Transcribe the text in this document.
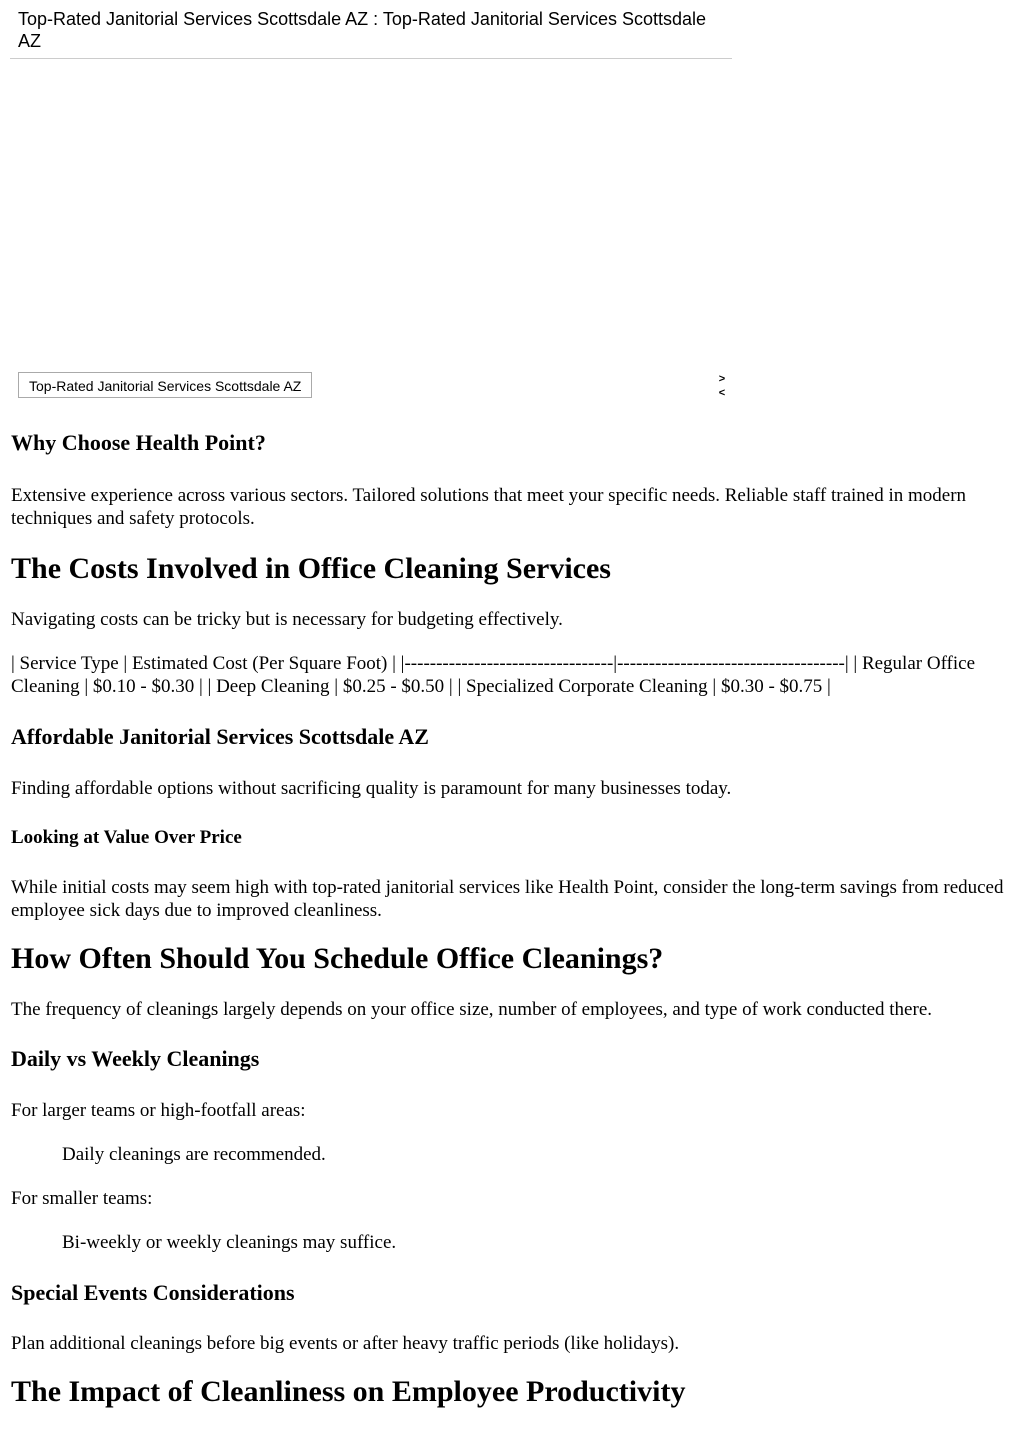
Top-Rated Janitorial Services Scottsdale AZ : Top-Rated Janitorial Services Scottsdale AZ
Top-Rated Janitorial Services Scottsdale AZ	>
<
Why Choose Health Point?

Extensive experience across various sectors. Tailored solutions that meet your specific needs. Reliable staff trained in modern techniques and safety protocols.

The Costs Involved in Office Cleaning Services

Navigating costs can be tricky but is necessary for budgeting effectively.

| Service Type | Estimated Cost (Per Square Foot) | |---------------------------------|------------------------------------| | Regular Office Cleaning | $0.10 - $0.30 | | Deep Cleaning | $0.25 - $0.50 | | Specialized Corporate Cleaning | $0.30 - $0.75 |

Affordable Janitorial Services Scottsdale AZ

Finding affordable options without sacrificing quality is paramount for many businesses today.

Looking at Value Over Price

While initial costs may seem high with top-rated janitorial services like Health Point, consider the long-term savings from reduced employee sick days due to improved cleanliness.

How Often Should You Schedule Office Cleanings?

The frequency of cleanings largely depends on your office size, number of employees, and type of work conducted there.

Daily vs Weekly Cleanings

For larger teams or high-footfall areas:

Daily cleanings are recommended.

For smaller teams:

Bi-weekly or weekly cleanings may suffice.
Special Events Considerations

Plan additional cleanings before big events or after heavy traffic periods (like holidays).

The Impact of Cleanliness on Employee Productivity
